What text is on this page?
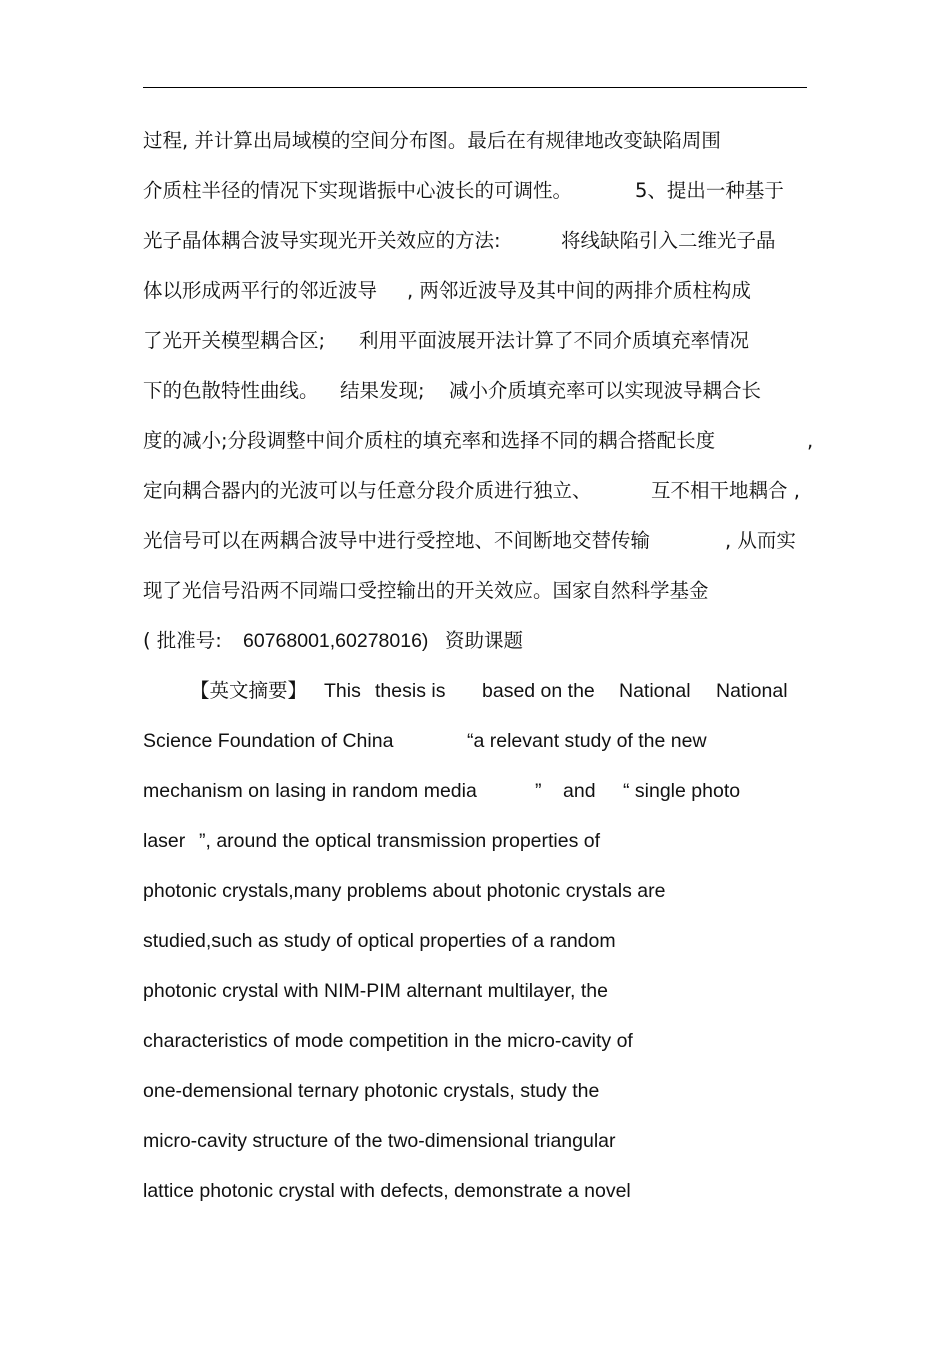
过程, 并计算出局域模的空间分布图。最后在有规律地改变缺陷周围

介质柱半径的情况下实现谐振中心波长的可调性。

	5、提出一种基于

光子晶体耦合波导实现光开关效应的方法:

	将线缺陷引入二维光子晶

体以形成两平行的邻近波导

, 两邻近波导及其中间的两排介质柱构成

了光开关模型耦合区;

利用平面波展开法计算了不同介质填充率情况

下的色散特性曲线。

结果发现;

减小介质填充率可以实现波导耦合长

度的减小;分段调整中间介质柱的填充率和选择不同的耦合搭配长度

	,

定向耦合器内的光波可以与任意分段介质进行独立、

	互不相干地耦合 ,

光信号可以在两耦合波导中进行受控地、不间断地交替传输

	, 从而实

现了光信号沿两不同端口受控输出的开关效应。国家自然科学基金

( 批准号:

60768001,60278016)

资助课题

【英文摘要】

This

thesis is

based on the

National

National

Science Foundation of China

	“a relevant study of the new

mechanism on lasing in random media

	”

and

“ single photo

laser

”, around the optical transmission properties of

photonic crystals,many problems about photonic crystals are
studied,such as study of optical properties of a random
photonic crystal with NIM-PIM alternant multilayer, the
characteristics of mode competition in the micro-cavity of
one-demensional ternary photonic crystals, study the
micro-cavity structure of the two-dimensional triangular
lattice photonic crystal with defects, demonstrate a novel
